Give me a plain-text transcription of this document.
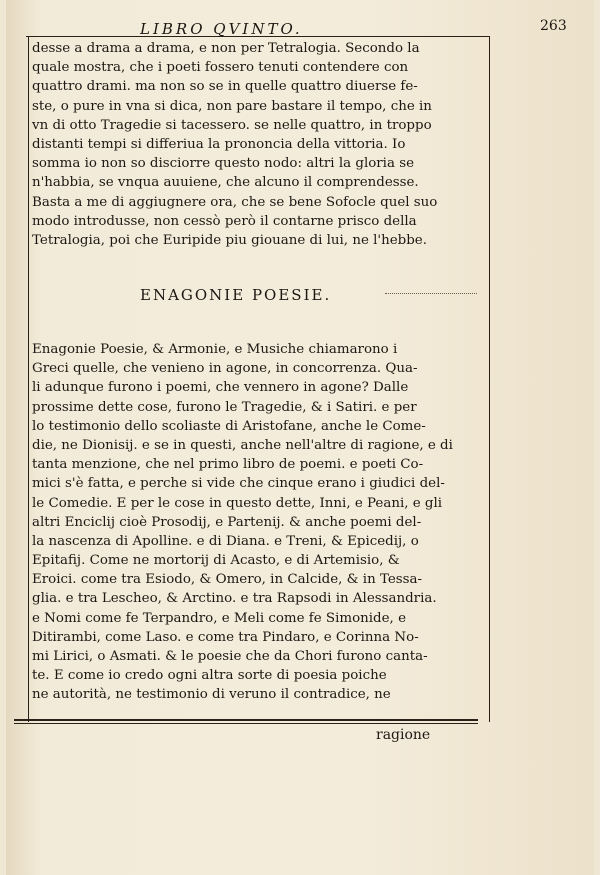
LIBRO QVINTO.	263
desse a drama a drama, e non per Tetralogia. Secondo la
quale mostra, che i poeti fossero tenuti contendere con
quattro drami. ma non so se in quelle quattro diuerse fe-
ste, o pure in vna si dica, non pare bastare il tempo, che in
vn di otto Tragedie si tacessero. se nelle quattro, in troppo
distanti tempi si differiua la prononcia della vittoria. Io
somma io non so disciorre questo nodo: altri la gloria se
n'habbia, se vnqua auuiene, che alcuno il comprendesse.
Basta a me di aggiugnere ora, che se bene Sofocle quel suo
modo introdusse, non cessò però il contarne prisco della
Tetralogia, poi che Euripide piu giouane di lui, ne l'hebbe.
ENAGONIE POESIE.
Enagonie Poesie, & Armonie, e Musiche chiamarono i
Greci quelle, che venieno in agone, in concorrenza. Qua-
li adunque furono i poemi, che vennero in agone? Dalle
prossime dette cose, furono le Tragedie, & i Satiri. e per
lo testimonio dello scoliaste di Aristofane, anche le Come-
die, ne Dionisij. e se in questi, anche nell'altre di ragione, e di
tanta menzione, che nel primo libro de poemi. e poeti Co-
mici s'è fatta, e perche si vide che cinque erano i giudici del-
le Comedie. E per le cose in questo dette, Inni, e Peani, e gli
altri Enciclij cioè Prosodij, e Partenij. & anche poemi del-
la nascenza di Apolline. e di Diana. e Treni, & Epicedij, o
Epitafij. Come ne mortorij di Acasto, e di Artemisio, &
Eroici. come tra Esiodo, & Omero, in Calcide, & in Tessa-
glia. e tra Lescheo, & Arctino. e tra Rapsodi in Alessandria.
e Nomi come fe Terpandro, e Meli come fe Simonide, e
Ditirambi, come Laso. e come tra Pindaro, e Corinna No-
mi Lirici, o Asmati. & le poesie che da Chori furono canta-
te. E come io credo ogni altra sorte di poesia poiche
ne autorità, ne testimonio di veruno il contradice, ne
ragione
